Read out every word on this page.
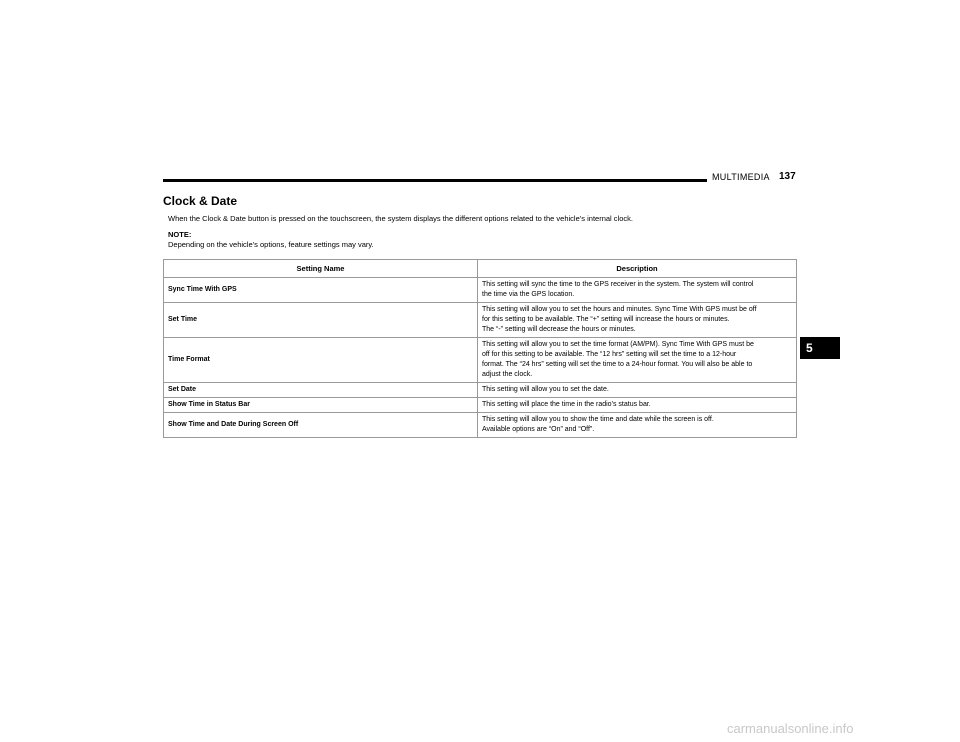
MULTIMEDIA 137
Clock & Date
When the Clock & Date button is pressed on the touchscreen, the system displays the different options related to the vehicle’s internal clock.
NOTE:
Depending on the vehicle’s options, feature settings may vary.
Setting Name	Description
Sync Time With GPS	This setting will sync the time to the GPS receiver in the system. The system will control
the time via the GPS location.

Set Time	This setting will allow you to set the hours and minutes. Sync Time With GPS must be off
for this setting to be available. The “+” setting will increase the hours or minutes.
The “-” setting will decrease the hours or minutes.

Time Format	This setting will allow you to set the time format (AM/PM). Sync Time With GPS must be
off for this setting to be available. The “12 hrs” setting will set the time to a 12-hour
format. The “24 hrs” setting will set the time to a 24-hour format. You will also be able to
adjust the clock.

Set Date	This setting will allow you to set the date.

Show Time in Status Bar	This setting will place the time in the radio’s status bar.

Show Time and Date During Screen Off	This setting will allow you to show the time and date while the screen is off.
Available options are “On” and “Off”.
5
carmanualsonline.info
